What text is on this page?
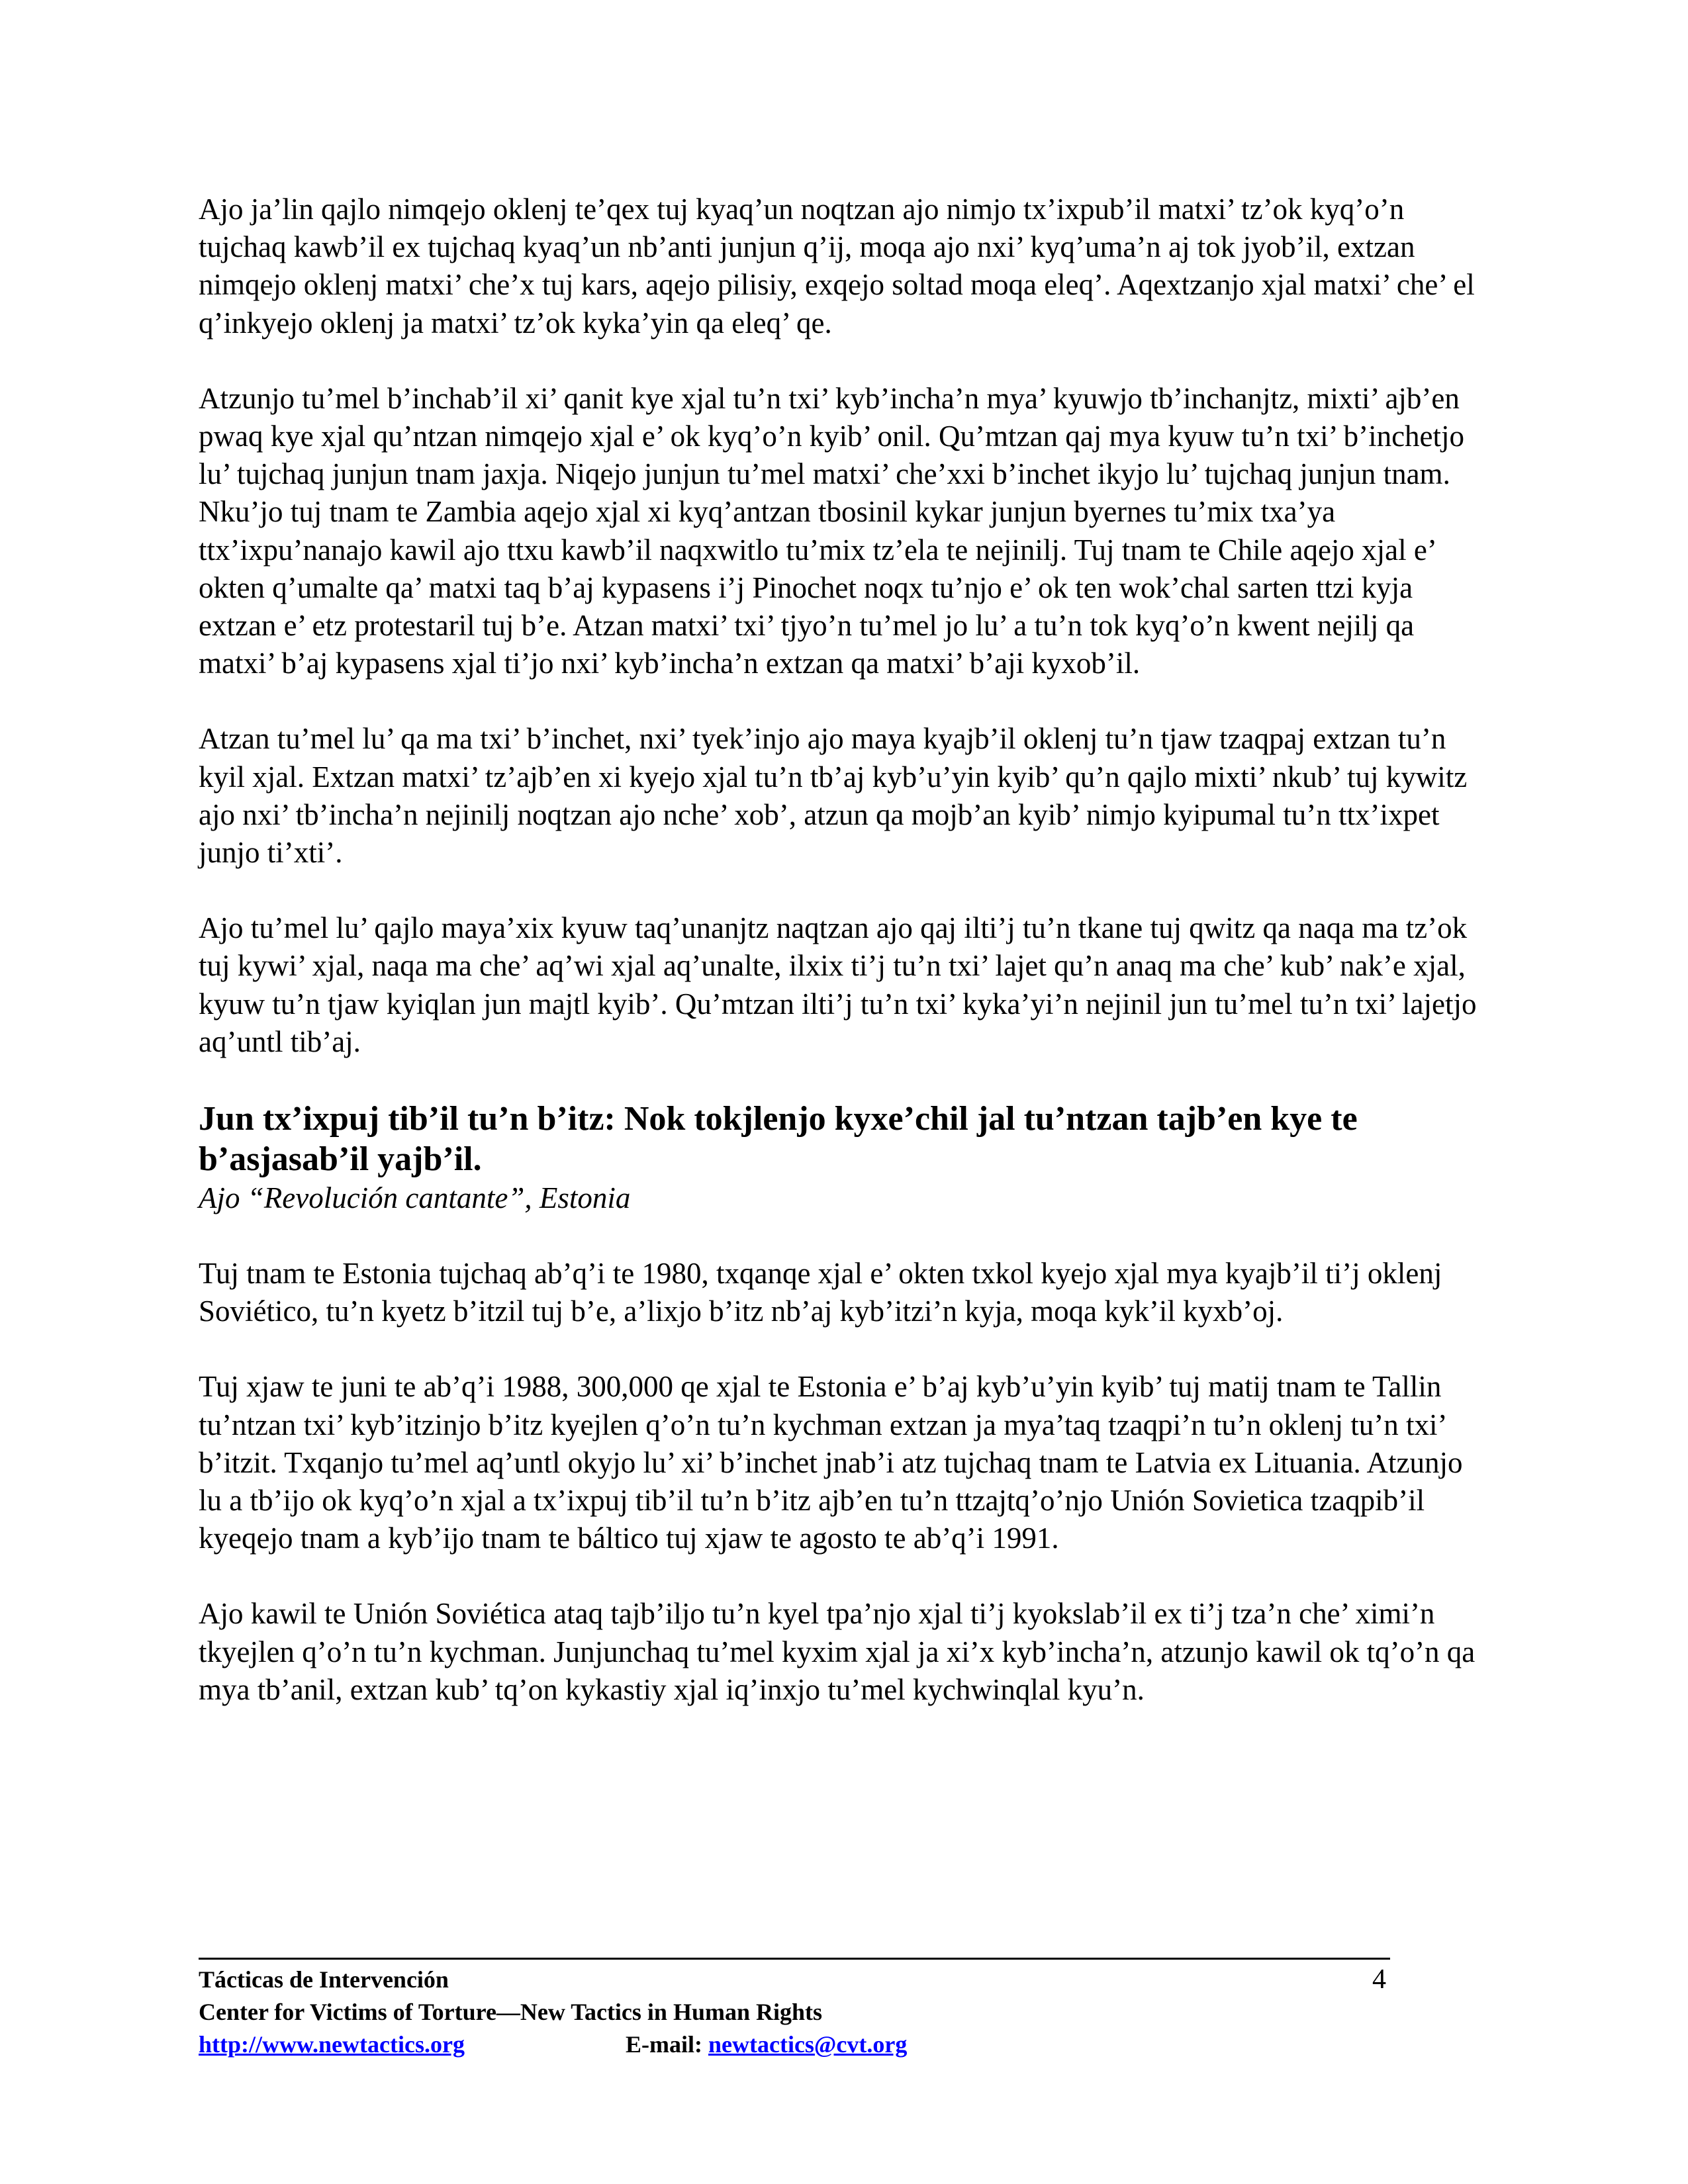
Ajo ja’lin qajlo nimqejo oklenj te’qex tuj kyaq’un noqtzan ajo nimjo tx’ixpub’il matxi’ tz’ok kyq’o’n tujchaq kawb’il ex tujchaq kyaq’un nb’anti junjun q’ij, moqa ajo nxi’ kyq’uma’n aj tok jyob’il, extzan nimqejo oklenj matxi’ che’x tuj kars, aqejo pilisiy, exqejo soltad moqa eleq’. Aqextzanjo xjal matxi’ che’ el q’inkyejo oklenj ja matxi’ tz’ok kyka’yin qa eleq’ qe.

Atzunjo tu’mel b’inchab’il xi’ qanit kye xjal tu’n txi’ kyb’incha’n mya’ kyuwjo tb’inchanjtz, mixti’ ajb’en pwaq kye xjal qu’ntzan nimqejo xjal e’ ok kyq’o’n kyib’ onil. Qu’mtzan qaj mya kyuw tu’n txi’ b’inchetjo lu’ tujchaq junjun tnam jaxja. Niqejo junjun tu’mel matxi’ che’xxi b’inchet ikyjo lu’ tujchaq junjun tnam. Nku’jo tuj tnam te Zambia aqejo xjal xi kyq’antzan tbosinil kykar junjun byernes tu’mix txa’ya ttx’ixpu’nanajo kawil ajo ttxu kawb’il naqxwitlo tu’mix tz’ela te nejinilj. Tuj tnam te Chile aqejo xjal e’ okten q’umalte qa’ matxi taq b’aj kypasens i’j Pinochet noqx tu’njo e’ ok ten wok’chal sarten ttzi kyja extzan e’ etz protestaril tuj b’e. Atzan matxi’ txi’ tjyo’n tu’mel jo lu’ a tu’n tok kyq’o’n kwent nejilj qa matxi’ b’aj kypasens xjal ti’jo nxi’ kyb’incha’n extzan qa matxi’ b’aji kyxob’il.

Atzan tu’mel lu’ qa ma txi’ b’inchet, nxi’ tyek’injo ajo maya kyajb’il oklenj tu’n tjaw tzaqpaj extzan tu’n kyil xjal. Extzan matxi’ tz’ajb’en xi kyejo xjal tu’n tb’aj kyb’u’yin kyib’ qu’n qajlo mixti’ nkub’ tuj kywitz ajo nxi’ tb’incha’n nejinilj noqtzan ajo nche’ xob’, atzun qa mojb’an kyib’ nimjo kyipumal tu’n ttx’ixpet junjo ti’xti’.

Ajo tu’mel lu’ qajlo maya’xix kyuw taq’unanjtz naqtzan ajo qaj ilti’j tu’n tkane tuj qwitz qa naqa ma tz’ok tuj kywi’ xjal, naqa ma che’ aq’wi xjal aq’unalte, ilxix ti’j tu’n txi’ lajet qu’n anaq ma che’ kub’ nak’e xjal, kyuw tu’n tjaw kyiqlan jun majtl kyib’. Qu’mtzan ilti’j tu’n txi’ kyka’yi’n nejinil jun tu’mel tu’n txi’ lajetjo aq’untl tib’aj.

Jun tx’ixpuj tib’il tu’n b’itz: Nok tokjlenjo kyxe’chil jal tu’ntzan tajb’en kye te b’asjasab’il yajb’il.
Ajo “Revolución cantante”, Estonia

Tuj tnam te Estonia tujchaq ab’q’i te 1980, txqanqe xjal e’ okten txkol kyejo xjal mya kyajb’il ti’j oklenj Soviético, tu’n kyetz b’itzil tuj b’e, a’lixjo b’itz nb’aj kyb’itzi’n kyja, moqa kyk’il kyxb’oj.

Tuj xjaw te juni te ab’q’i 1988, 300,000 qe xjal te Estonia e’ b’aj kyb’u’yin kyib’ tuj matij tnam te Tallin tu’ntzan txi’ kyb’itzinjo b’itz kyejlen q’o’n tu’n kychman extzan ja mya’taq tzaqpi’n tu’n oklenj tu’n txi’ b’itzit. Txqanjo tu’mel aq’untl okyjo lu’ xi’ b’inchet jnab’i atz tujchaq tnam te Latvia ex Lituania. Atzunjo lu a tb’ijo ok kyq’o’n xjal a tx’ixpuj tib’il tu’n b’itz ajb’en tu’n ttzajtq’o’njo Unión Sovietica tzaqpib’il kyeqejo tnam a kyb’ijo tnam te báltico tuj xjaw te agosto te ab’q’i 1991.

Ajo kawil te Unión Soviética ataq tajb’iljo tu’n kyel tpa’njo xjal ti’j kyokslab’il ex ti’j tza’n che’ ximi’n tkyejlen q’o’n tu’n kychman. Junjunchaq tu’mel kyxim xjal ja xi’x kyb’incha’n, atzunjo kawil ok tq’o’n qa mya tb’anil, extzan kub’ tq’on kykastiy xjal iq’inxjo tu’mel kychwinqlal kyu’n.

Tácticas de Intervención	4
Center for Victims of Torture—New Tactics in Human Rights
http://www.newtactics.org	E-mail: newtactics@cvt.org
